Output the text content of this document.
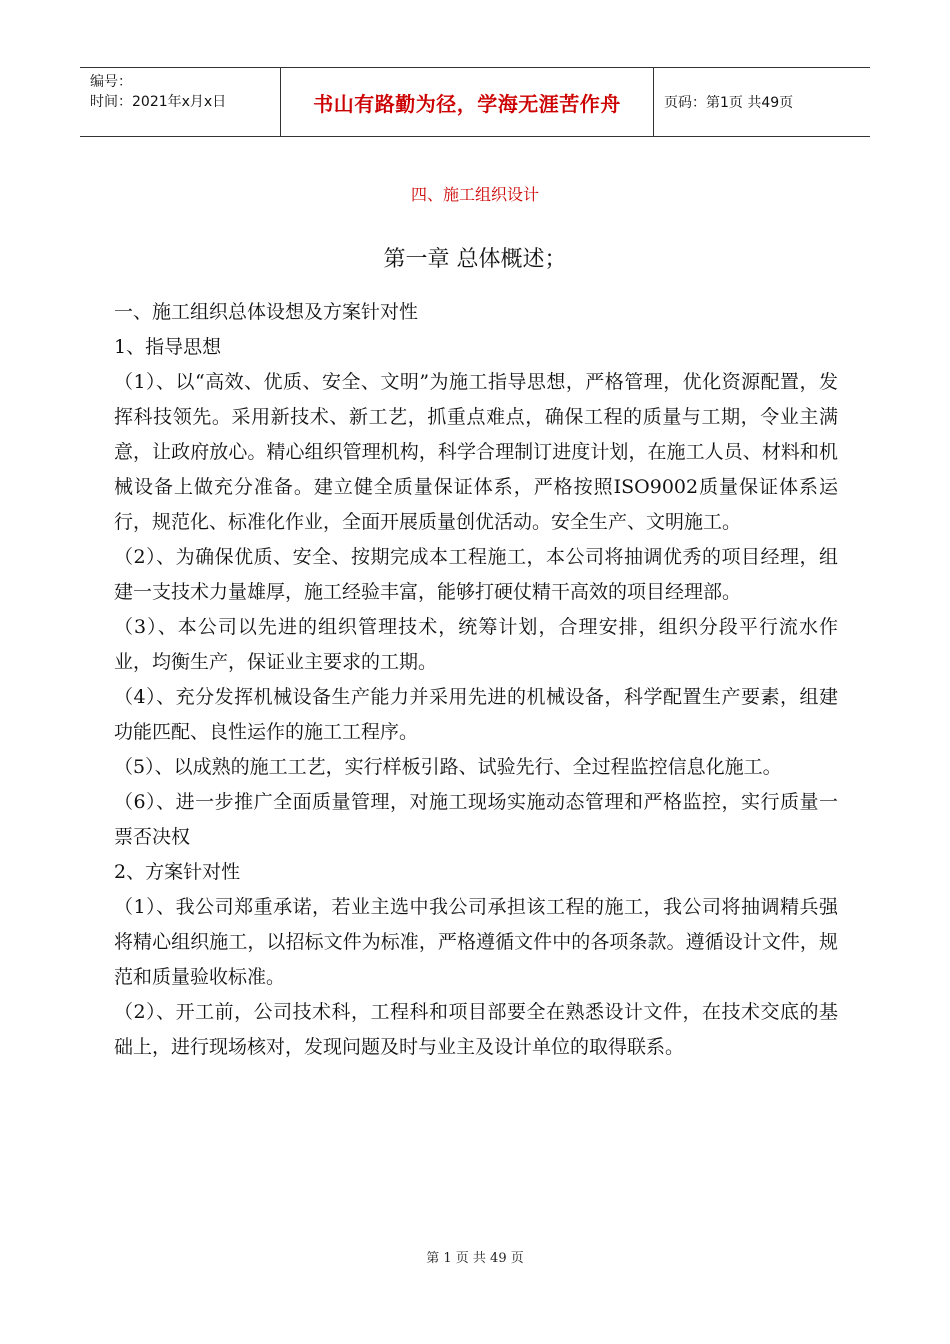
编号：
时间：2021年x月x日	书山有路勤为径，学海无涯苦作舟	页码：第1页 共49页
四、施工组织设计
第一章 总体概述；

一、施工组织总体设想及方案针对性

1、指导思想

（1）、以“高效、优质、安全、文明”为施工指导思想，严格管理，优化资源配置，发挥科技领先。采用新技术、新工艺，抓重点难点，确保工程的质量与工期，令业主满意，让政府放心。精心组织管理机构，科学合理制订进度计划，在施工人员、材料和机械设备上做充分准备。建立健全质量保证体系，严格按照ISO9002质量保证体系运行，规范化、标准化作业，全面开展质量创优活动。安全生产、文明施工。

（2）、为确保优质、安全、按期完成本工程施工，本公司将抽调优秀的项目经理，组建一支技术力量雄厚，施工经验丰富，能够打硬仗精干高效的项目经理部。

（3）、本公司以先进的组织管理技术，统筹计划，合理安排，组织分段平行流水作业，均衡生产，保证业主要求的工期。

（4）、充分发挥机械设备生产能力并采用先进的机械设备，科学配置生产要素，组建功能匹配、良性运作的施工工程序。

（5）、以成熟的施工工艺，实行样板引路、试验先行、全过程监控信息化施工。

（6）、进一步推广全面质量管理，对施工现场实施动态管理和严格监控，实行质量一票否决权

2、方案针对性

（1）、我公司郑重承诺，若业主选中我公司承担该工程的施工，我公司将抽调精兵强将精心组织施工，以招标文件为标准，严格遵循文件中的各项条款。遵循设计文件，规范和质量验收标准。

（2）、开工前，公司技术科，工程科和项目部要全在熟悉设计文件，在技术交底的基础上，进行现场核对，发现问题及时与业主及设计单位的取得联系。

第 1 页 共 49 页
